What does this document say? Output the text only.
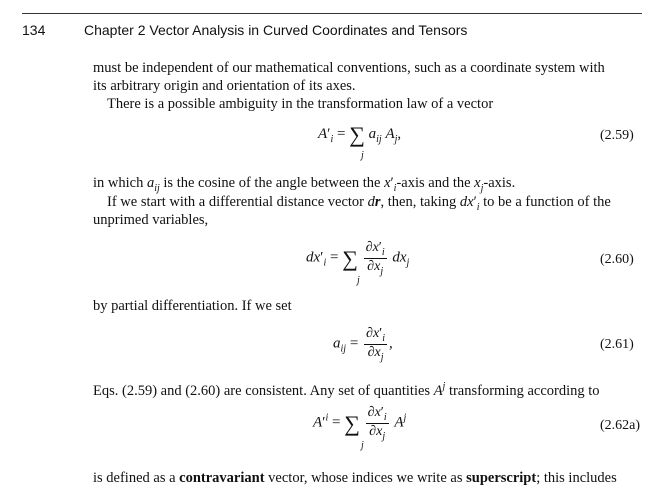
134	Chapter 2 Vector Analysis in Curved Coordinates and Tensors
must be independent of our mathematical conventions, such as a coordinate system with
its arbitrary origin and orientation of its axes.
There is a possible ambiguity in the transformation law of a vector
$A'_i$ = ∑ $a_{ij}$ $A_j$,
j
(2.59)
in which $a_{ij}$ is the cosine of the angle between the $x'_i$-axis and the $x_j$-axis.
If we start with a differential distance vector dr, then, taking $dx'_i$ to be a function of the
unprimed variables,
$dx'_i$ = ∑ $\frac{\partial x'_i}{\partial x_j} dx_j$
j
(2.60)
by partial differentiation. If we set
$a_{ij} = \frac{\partial x'_i}{\partial x_j}$ ,	(2.61)
Eqs. (2.59) and (2.60) are consistent. Any set of quantities $A^j$ transforming according to
$A'^i$ = ∑ $\frac{\partial x'_i}{\partial x_j} A^j$
j
(2.62a)
is defined as a contravariant vector, whose indices we write as superscript; this includes
